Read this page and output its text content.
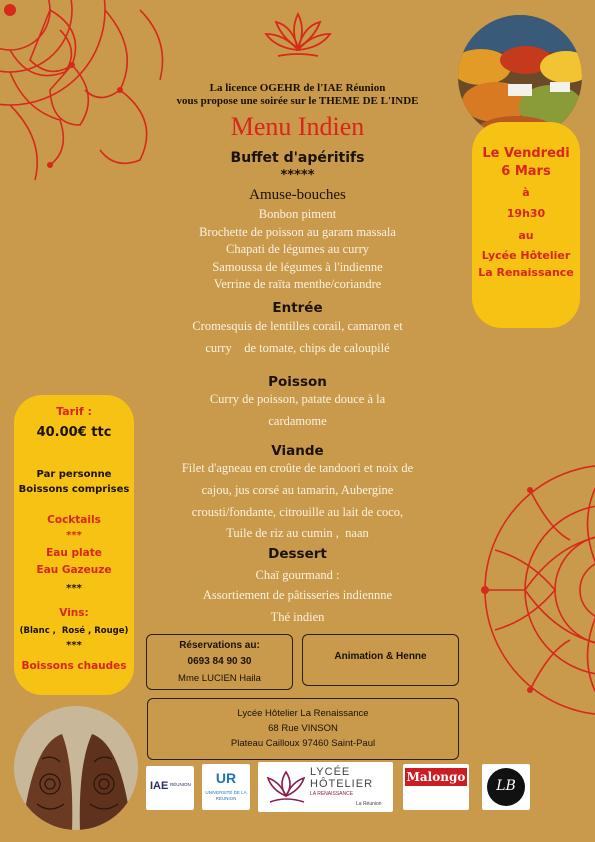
La licence OGEHR de l'IAE Réunion
vous propose une soirée sur le THEME DE L'INDE
Menu Indien
Buffet d'apéritifs
*****
Amuse-bouches
Bonbon piment
Brochette de poisson au garam massala
Chapati de légumes au curry
Samoussa de légumes à l'indienne
Verrine de raïta menthe/coriandre
Entrée
Cromesquis de lentilles corail, camaron et
curry    de tomate, chips de caloupilé
Poisson
Curry de poisson, patate douce à la
cardamome
Viande
Filet d'agneau en croûte de tandoori et noix de
cajou, jus corsé au tamarin, Aubergine
crousti/fondante, citrouille au lait de coco,
Tuile de riz au cumin ,  naan
Dessert
Chaï gourmand :
Assortiement de pâtisseries indiennne
Thé indien
Le Vendredi
6 Mars
à
19h30
au
Lycée Hôtelier
La Renaissance
Tarif :
40.00€ ttc
Par personne
Boissons comprises
Cocktails
***
Eau plate
Eau Gazeuze
***
Vins:
(Blanc ,  Rosé , Rouge)
***
Boissons chaudes
Réservations au:
0693 84 90 30
Mme LUCIEN Haila
Animation & Henne
Lycée Hôtelier La Renaissance
68 Rue VINSON
Plateau Cailloux 97460 Saint-Paul
IAE RÉUNION	UR
UNIVERSITÉ DE LA RÉUNION
LYCÉE
HÔTELIER
LA RENAISSANCE
La Réunion
Malongo
LB
